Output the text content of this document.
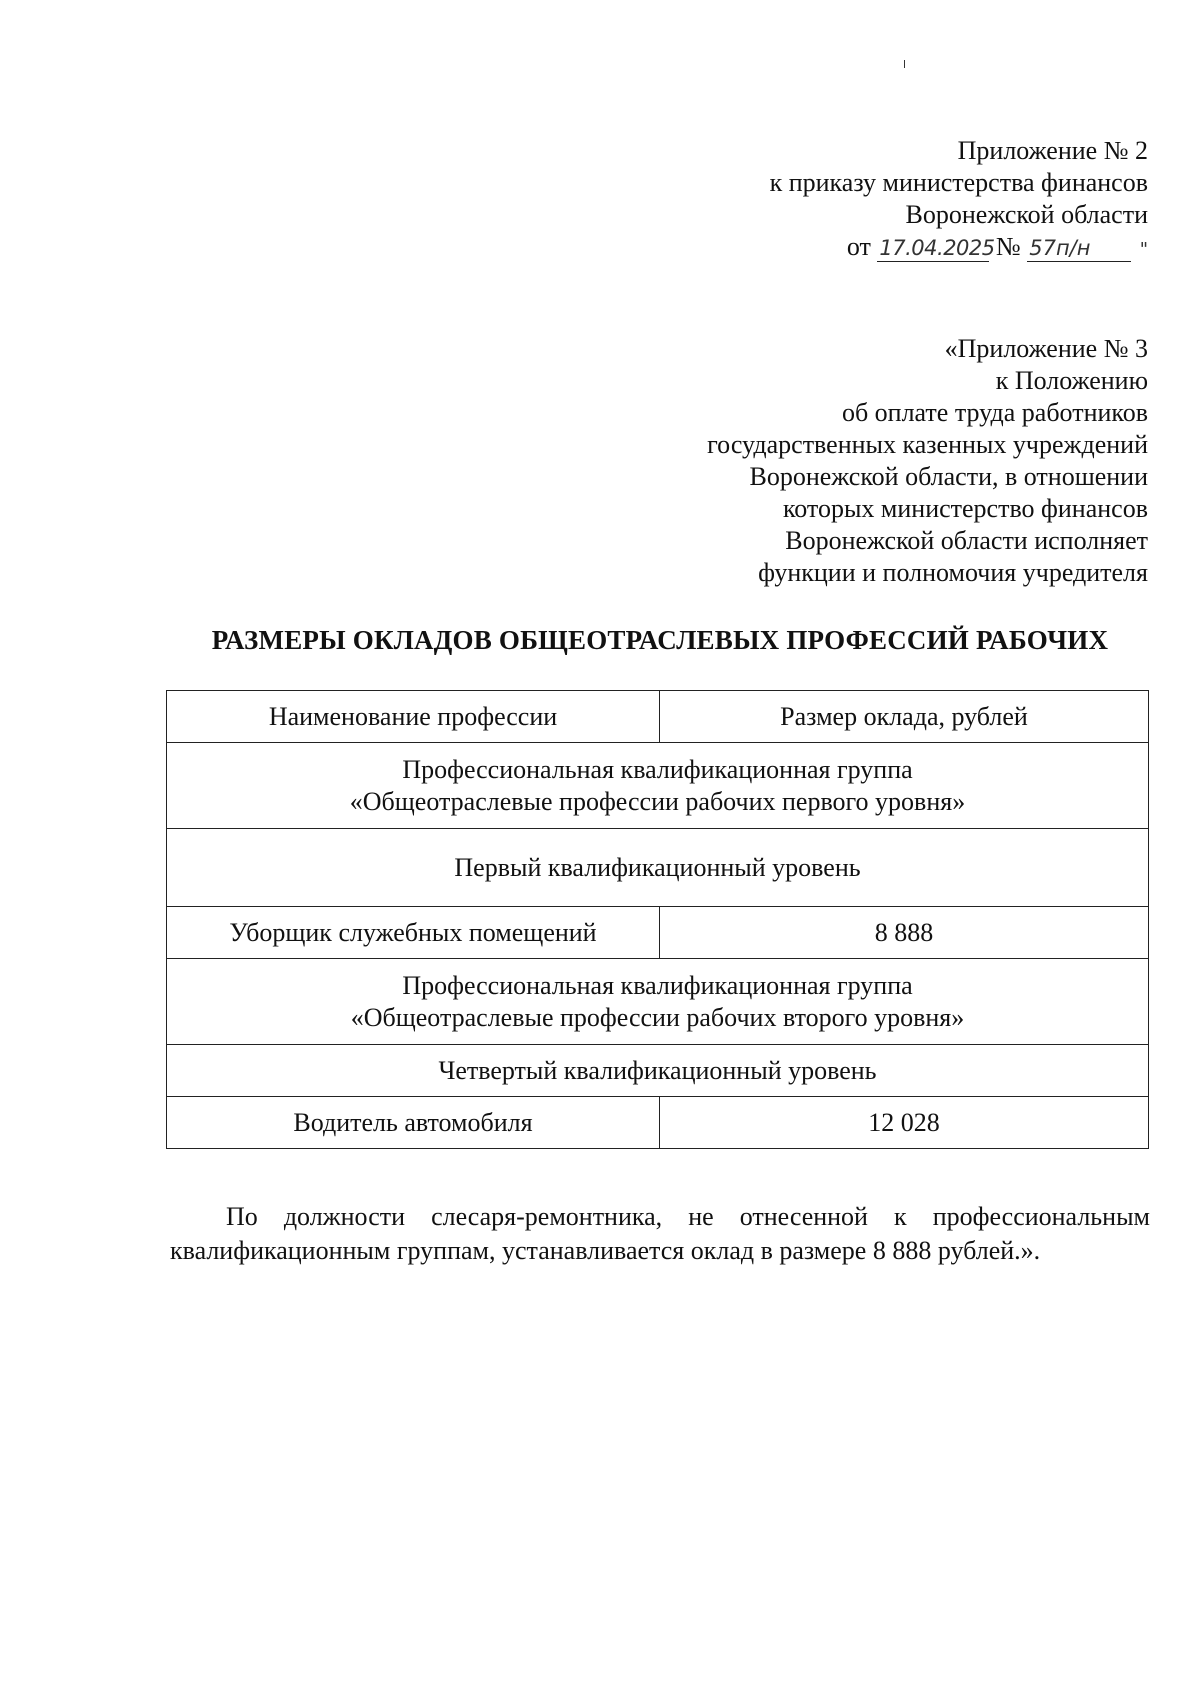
Приложение № 2
к приказу министерства финансов
Воронежской области
от 17.04.2025 № 57п/н	"
«Приложение № 3
к Положению
об оплате труда работников
государственных казенных учреждений
Воронежской области, в отношении
которых министерство финансов
Воронежской области исполняет
функции и полномочия учредителя
РАЗМЕРЫ ОКЛАДОВ ОБЩЕОТРАСЛЕВЫХ ПРОФЕССИЙ РАБОЧИХ
Наименование профессии	Размер оклада, рублей

Профессиональная квалификационная группа
«Общеотраслевые профессии рабочих первого уровня»	

Первый квалификационный уровень	
Уборщик служебных помещений	8 888

Профессиональная квалификационная группа
«Общеотраслевые профессии рабочих второго уровня»	

Четвертый квалификационный уровень	
Водитель автомобиля	12 028
По должности слесаря-ремонтника, не отнесенной к профессиональным
квалификационным группам, устанавливается оклад в размере 8 888 рублей.».
